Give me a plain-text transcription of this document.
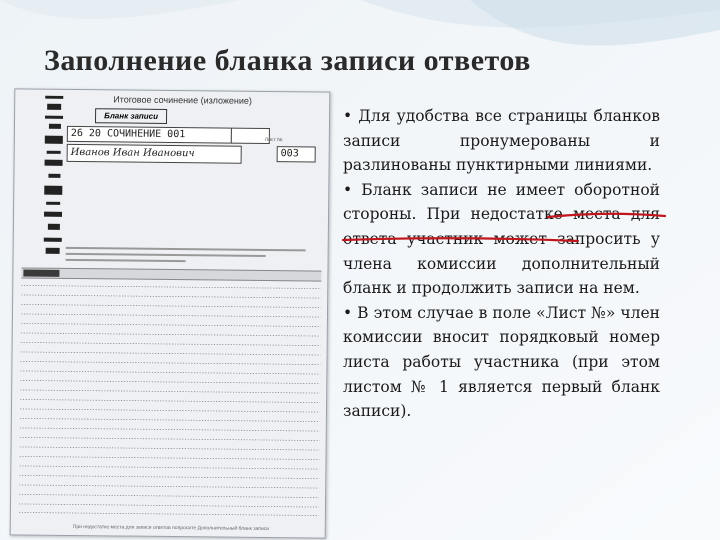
Заполнение бланка записи ответов
Итоговое сочинение (изложение)
Бланк записи
26 20 СОЧИНЕНИЕ 001
Иванов Иван Иванович
Лист №
003
При недостатке места для записи ответов попросите Дополнительный бланк записи

• Для удобства все страницы бланков записи пронумерованы и разлинованы пунктирными линиями.

• Бланк записи не имеет оборотной стороны. При недостатке места для ответа участник может запросить у члена комиссии дополнительный бланк и продолжить записи на нем.

• В этом случае в поле «Лист №» член комиссии вносит порядковый номер листа работы участника (при этом листом № 1 является первый бланк записи).
